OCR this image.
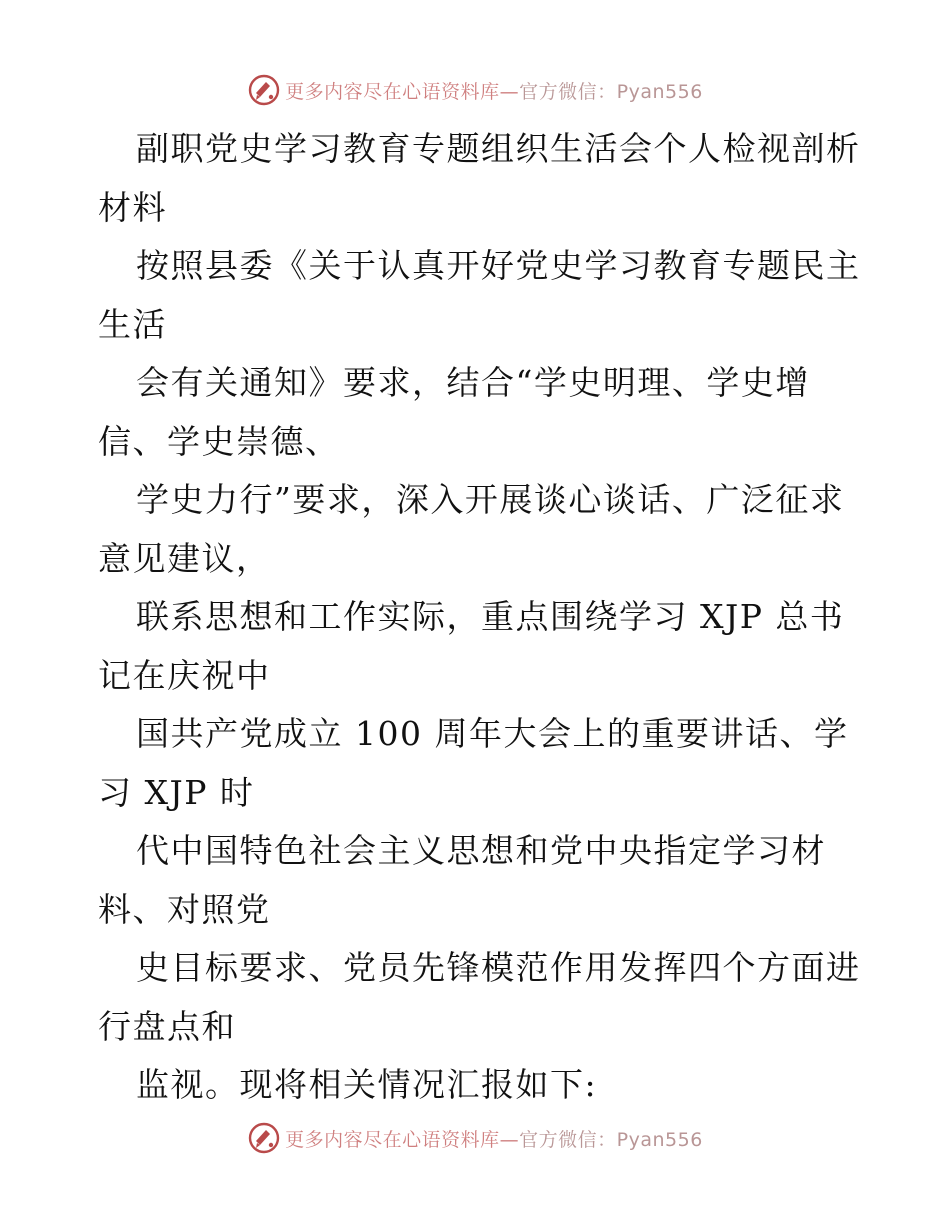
更多内容尽在心语资料库—官方微信：Pyan556

副职党史学习教育专题组织生活会个人检视剖析

材料

按照县委《关于认真开好党史学习教育专题民主

生活

会有关通知》要求，结合“学史明理、学史增

信、学史崇德、

学史力行”要求，深入开展谈心谈话、广泛征求

意见建议，

联系思想和工作实际，重点围绕学习 XJP 总书

记在庆祝中

国共产党成立 100 周年大会上的重要讲话、学

习 XJP 时

代中国特色社会主义思想和党中央指定学习材

料、对照党

史目标要求、党员先锋模范作用发挥四个方面进

行盘点和

监视。现将相关情况汇报如下:

更多内容尽在心语资料库—官方微信：Pyan556
